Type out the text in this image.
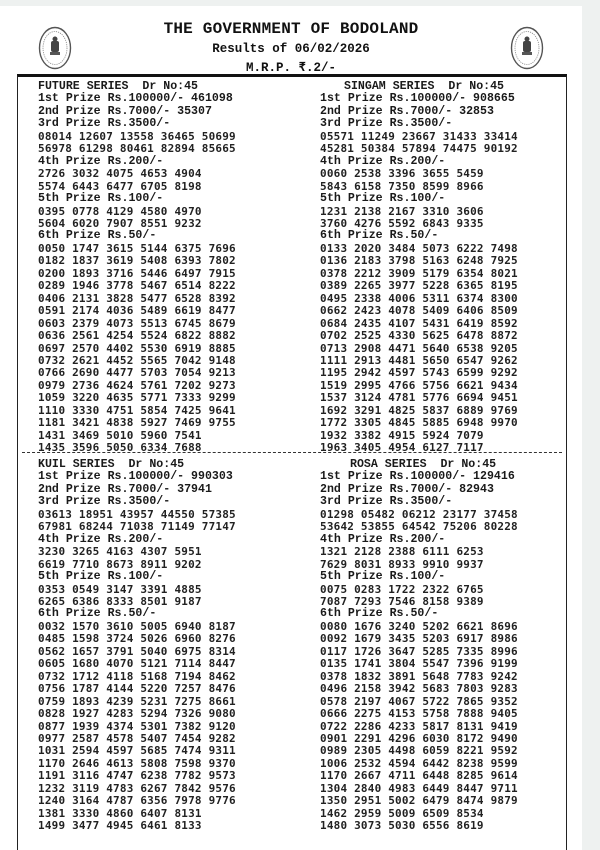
THE GOVERNMENT OF BODOLAND
Results of 06/02/2026
M.R.P. ₹.2/-
FUTURE SERIES  Dr No:45
1st Prize Rs.100000/- 461098
2nd Prize Rs.7000/- 35307
3rd Prize Rs.3500/-
08014 12607 13558 36465 50699
56978 61298 80461 82894 85665
4th Prize Rs.200/-
2726 3032 4075 4653 4904
5574 6443 6477 6705 8198
5th Prize Rs.100/-
0395 0778 4129 4580 4970
5604 6020 7907 8551 9232
6th Prize Rs.50/-
0050 1747 3615 5144 6375 7696
0182 1837 3619 5408 6393 7802
0200 1893 3716 5446 6497 7915
0289 1946 3778 5467 6514 8222
0406 2131 3828 5477 6528 8392
0591 2174 4036 5489 6619 8477
0603 2379 4073 5513 6745 8679
0636 2561 4254 5524 6822 8882
0697 2570 4402 5530 6919 8885
0732 2621 4452 5565 7042 9148
0766 2690 4477 5703 7054 9213
0979 2736 4624 5761 7202 9273
1059 3220 4635 5771 7333 9299
1110 3330 4751 5854 7425 9641
1181 3421 4838 5927 7469 9755
1431 3469 5010 5960 7541
1435 3596 5050 6334 7688
SINGAM SERIES  Dr No:45
1st Prize Rs.100000/- 908665
2nd Prize Rs.7000/- 32853
3rd Prize Rs.3500/-
05571 11249 23667 31433 33414
45281 50384 57894 74475 90192
4th Prize Rs.200/-
0060 2538 3396 3655 5459
5843 6158 7350 8599 8966
5th Prize Rs.100/-
1231 2138 2167 3310 3606
3760 4276 5592 6843 9335
6th Prize Rs.50/-
0133 2020 3484 5073 6222 7498
0136 2183 3798 5163 6248 7925
0378 2212 3909 5179 6354 8021
0389 2265 3977 5228 6365 8195
0495 2338 4006 5311 6374 8300
0662 2423 4078 5409 6406 8509
0684 2435 4107 5431 6419 8592
0702 2525 4330 5625 6478 8872
0713 2908 4471 5640 6538 9205
1111 2913 4481 5650 6547 9262
1195 2942 4597 5743 6599 9292
1519 2995 4766 5756 6621 9434
1537 3124 4781 5776 6694 9451
1692 3291 4825 5837 6889 9769
1772 3305 4845 5885 6948 9970
1932 3382 4915 5924 7079
1963 3405 4954 6127 7117
KUIL SERIES  Dr No:45
1st Prize Rs.100000/- 990303
2nd Prize Rs.7000/- 37941
3rd Prize Rs.3500/-
03613 18951 43957 44550 57385
67981 68244 71038 71149 77147
4th Prize Rs.200/-
3230 3265 4163 4307 5951
6619 7710 8673 8911 9202
5th Prize Rs.100/-
0353 0549 3147 3391 4885
6265 6386 8333 8501 9187
6th Prize Rs.50/-
0032 1570 3610 5005 6940 8187
0485 1598 3724 5026 6960 8276
0562 1657 3791 5040 6975 8314
0605 1680 4070 5121 7114 8447
0732 1712 4118 5168 7194 8462
0756 1787 4144 5220 7257 8476
0759 1893 4239 5231 7275 8661
0828 1927 4283 5294 7326 9080
0877 1939 4374 5301 7382 9120
0977 2587 4578 5407 7454 9282
1031 2594 4597 5685 7474 9311
1170 2646 4613 5808 7598 9370
1191 3116 4747 6238 7782 9573
1232 3119 4783 6267 7842 9576
1240 3164 4787 6356 7978 9776
1381 3330 4860 6407 8131
1499 3477 4945 6461 8133
ROSA SERIES  Dr No:45
1st Prize Rs.100000/- 129416
2nd Prize Rs.7000/- 82943
3rd Prize Rs.3500/-
01298 05482 06212 23177 37458
53642 53855 64542 75206 80228
4th Prize Rs.200/-
1321 2128 2388 6111 6253
7629 8031 8933 9910 9937
5th Prize Rs.100/-
0075 0283 1722 2322 6765
7087 7293 7546 8158 9389
6th Prize Rs.50/-
0080 1676 3240 5202 6621 8696
0092 1679 3435 5203 6917 8986
0117 1726 3647 5285 7335 8996
0135 1741 3804 5547 7396 9199
0378 1832 3891 5648 7783 9242
0496 2158 3942 5683 7803 9283
0578 2197 4067 5722 7865 9352
0666 2275 4153 5758 7888 9405
0722 2286 4233 5817 8131 9419
0901 2291 4296 6030 8172 9490
0989 2305 4498 6059 8221 9592
1006 2532 4594 6442 8238 9599
1170 2667 4711 6448 8285 9614
1304 2840 4983 6449 8447 9711
1350 2951 5002 6479 8474 9879
1462 2959 5009 6509 8534
1480 3073 5030 6556 8619
